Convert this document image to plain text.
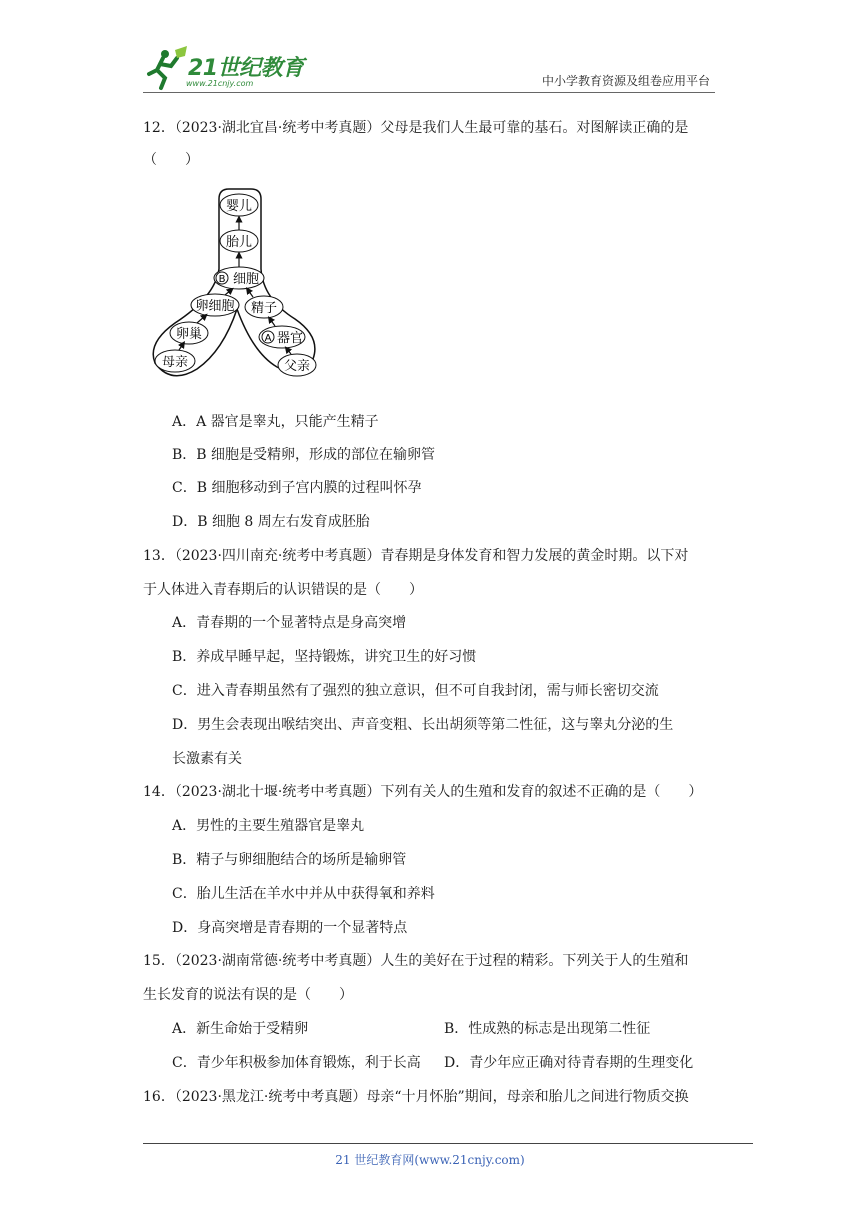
21世纪教育
www.21cnjy.com	中小学教育资源及组卷应用平台
12．（2023·湖北宜昌·统考中考真题）父母是我们人生最可靠的基石。对图解读正确的是
（　　）
婴儿
胎儿
B 细胞
卵细胞 精子
卵巢	A 器官
母亲	父亲
A．A 器官是睾丸，只能产生精子
B．B 细胞是受精卵，形成的部位在输卵管
C．B 细胞移动到子宫内膜的过程叫怀孕
D．B 细胞 8 周左右发育成胚胎
13．（2023·四川南充·统考中考真题）青春期是身体发育和智力发展的黄金时期。以下对
于人体进入青春期后的认识错误的是（　　）
A．青春期的一个显著特点是身高突增
B．养成早睡早起，坚持锻炼，讲究卫生的好习惯
C．进入青春期虽然有了强烈的独立意识，但不可自我封闭，需与师长密切交流
D．男生会表现出喉结突出、声音变粗、长出胡须等第二性征，这与睾丸分泌的生
长激素有关
14．（2023·湖北十堰·统考中考真题）下列有关人的生殖和发育的叙述不正确的是（　　）
A．男性的主要生殖器官是睾丸
B．精子与卵细胞结合的场所是输卵管
C．胎儿生活在羊水中并从中获得氧和养料
D．身高突增是青春期的一个显著特点
15．（2023·湖南常德·统考中考真题）人生的美好在于过程的精彩。下列关于人的生殖和
生长发育的说法有误的是（　　）
A．新生命始于受精卵	B．性成熟的标志是出现第二性征
C．青少年积极参加体育锻炼，利于长高 D．青少年应正确对待青春期的生理变化
16．（2023·黑龙江·统考中考真题）母亲“十月怀胎”期间，母亲和胎儿之间进行物质交换
21 世纪教育网(www.21cnjy.com)
